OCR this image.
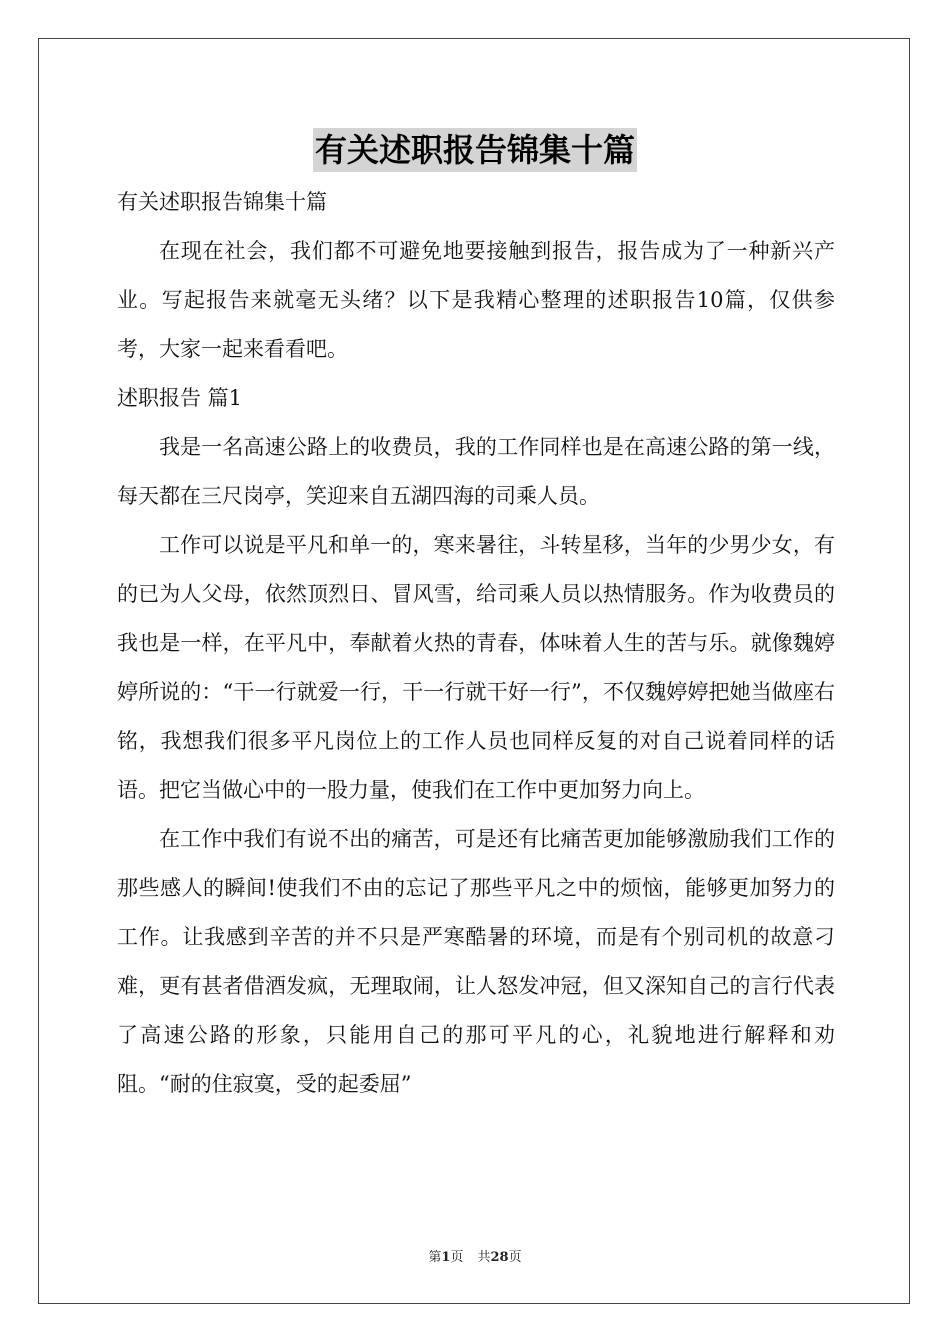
有关述职报告锦集十篇

有关述职报告锦集十篇

在现在社会，我们都不可避免地要接触到报告，报告成为了一种新兴产业。写起报告来就毫无头绪？以下是我精心整理的述职报告10篇，仅供参考，大家一起来看看吧。

述职报告 篇1

我是一名高速公路上的收费员，我的工作同样也是在高速公路的第一线，每天都在三尺岗亭，笑迎来自五湖四海的司乘人员。

工作可以说是平凡和单一的，寒来暑往，斗转星移，当年的少男少女，有的已为人父母，依然顶烈日、冒风雪，给司乘人员以热情服务。作为收费员的我也是一样，在平凡中，奉献着火热的青春，体味着人生的苦与乐。就像魏婷婷所说的：“干一行就爱一行，干一行就干好一行”，不仅魏婷婷把她当做座右铭，我想我们很多平凡岗位上的工作人员也同样反复的对自己说着同样的话语。把它当做心中的一股力量，使我们在工作中更加努力向上。

在工作中我们有说不出的痛苦，可是还有比痛苦更加能够激励我们工作的那些感人的瞬间!使我们不由的忘记了那些平凡之中的烦恼，能够更加努力的工作。让我感到辛苦的并不只是严寒酷暑的环境，而是有个别司机的故意刁难，更有甚者借酒发疯，无理取闹，让人怒发冲冠，但又深知自己的言行代表了高速公路的形象，只能用自己的那可平凡的心，礼貌地进行解释和劝阻。“耐的住寂寞，受的起委屈”

第1页 共28页
